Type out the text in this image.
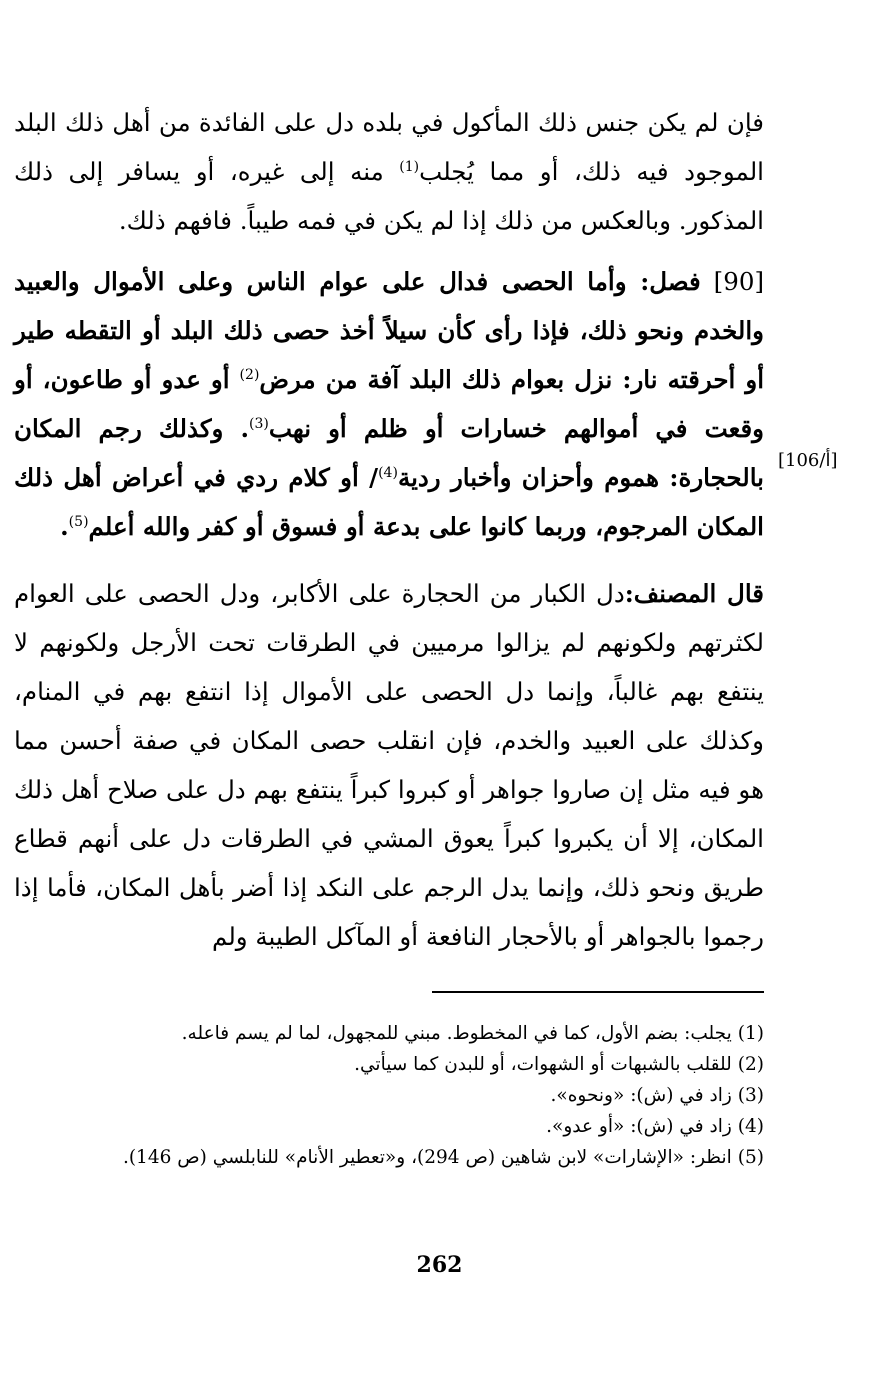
فإن لم يكن جنس ذلك المأكول في بلده دل على الفائدة من أهل ذلك البلد الموجود فيه ذلك، أو مما يُجلب$^{(1)}$ منه إلى غيره، أو يسافر إلى ذلك المذكور. وبالعكس من ذلك إذا لم يكن في فمه طيباً. فافهم ذلك.

[90] فصل: وأما الحصى فدال على عوام الناس وعلى الأموال والعبيد والخدم ونحو ذلك، فإذا رأى كأن سيلاً أخذ حصى ذلك البلد أو التقطه طير أو أحرقته نار: نزل بعوام ذلك البلد آفة من مرض$^{(2)}$ أو عدو أو طاعون، أو وقعت في أموالهم خسارات أو ظلم أو نهب$^{(3)}$. وكذلك رجم المكان بالحجارة: هموم وأحزان وأخبار ردية$^{(4)}$/ أو كلام ردي في أعراض أهل ذلك المكان المرجوم، وربما كانوا على بدعة أو فسوق أو كفر والله أعلم$^{(5)}$.

قال المصنف:دل الكبار من الحجارة على الأكابر، ودل الحصى على العوام لكثرتهم ولكونهم لم يزالوا مرميين في الطرقات تحت الأرجل ولكونهم لا ينتفع بهم غالباً، وإنما دل الحصى على الأموال إذا انتفع بهم في المنام، وكذلك على العبيد والخدم، فإن انقلب حصى المكان في صفة أحسن مما هو فيه مثل إن صاروا جواهر أو كبروا كبراً ينتفع بهم دل على صلاح أهل ذلك المكان، إلا أن يكبروا كبراً يعوق المشي في الطرقات دل على أنهم قطاع طريق ونحو ذلك، وإنما يدل الرجم على النكد إذا أضر بأهل المكان، فأما إذا رجموا بالجواهر أو بالأحجار النافعة أو المآكل الطيبة ولم

[106/أ]

(1)يجلب: بضم الأول، كما في المخطوط. مبني للمجهول، لما لم يسم فاعله.

(2)للقلب بالشبهات أو الشهوات، أو للبدن كما سيأتي.

(3)زاد في (ش): «ونحوه».

(4)زاد في (ش): «أو عدو».

(5)انظر: «الإشارات» لابن شاهين (ص 294)، و«تعطير الأنام» للنابلسي (ص 146).

262
